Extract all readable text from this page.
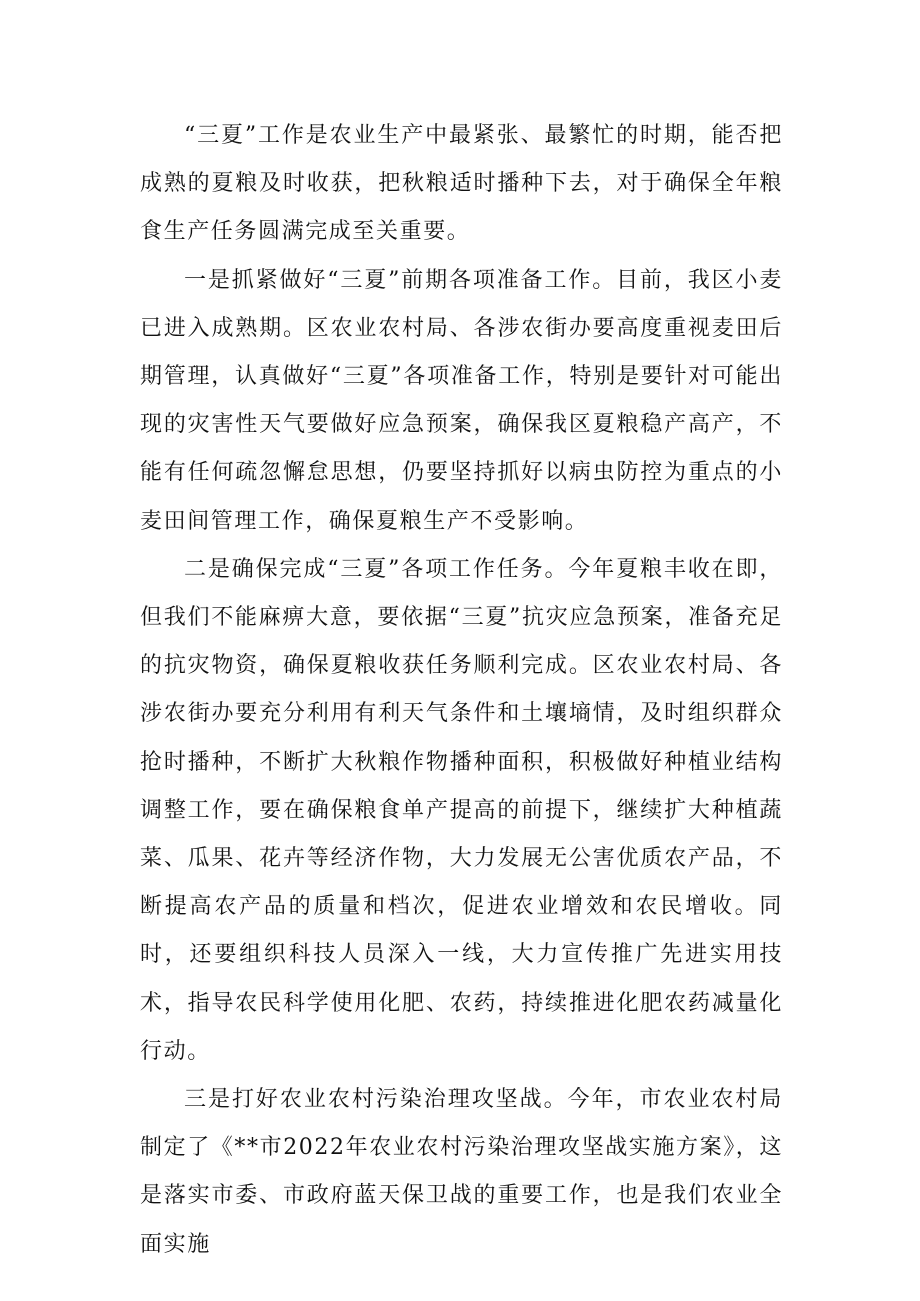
“三夏”工作是农业生产中最紧张、最繁忙的时期，能否把成熟的夏粮及时收获，把秋粮适时播种下去，对于确保全年粮食生产任务圆满完成至关重要。

一是抓紧做好“三夏”前期各项准备工作。目前，我区小麦已进入成熟期。区农业农村局、各涉农街办要高度重视麦田后期管理，认真做好“三夏”各项准备工作，特别是要针对可能出现的灾害性天气要做好应急预案，确保我区夏粮稳产高产，不能有任何疏忽懈怠思想，仍要坚持抓好以病虫防控为重点的小麦田间管理工作，确保夏粮生产不受影响。

二是确保完成“三夏”各项工作任务。今年夏粮丰收在即，但我们不能麻痹大意，要依据“三夏”抗灾应急预案，准备充足的抗灾物资，确保夏粮收获任务顺利完成。区农业农村局、各涉农街办要充分利用有利天气条件和土壤墒情，及时组织群众抢时播种，不断扩大秋粮作物播种面积，积极做好种植业结构调整工作，要在确保粮食单产提高的前提下，继续扩大种植蔬菜、瓜果、花卉等经济作物，大力发展无公害优质农产品，不断提高农产品的质量和档次，促进农业增效和农民增收。同时，还要组织科技人员深入一线，大力宣传推广先进实用技术，指导农民科学使用化肥、农药，持续推进化肥农药减量化行动。

三是打好农业农村污染治理攻坚战。今年，市农业农村局制定了《**市2022年农业农村污染治理攻坚战实施方案》，这是落实市委、市政府蓝天保卫战的重要工作，也是我们农业全面实施
